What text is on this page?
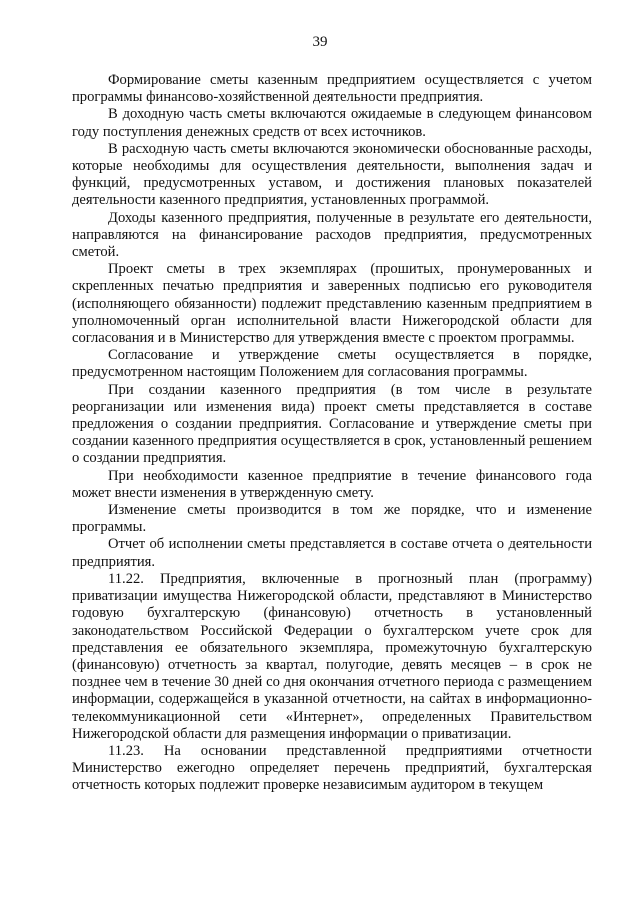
39

Формирование сметы казенным предприятием осуществляется с учетом программы финансово-хозяйственной деятельности предприятия.

В доходную часть сметы включаются ожидаемые в следующем финансовом году поступления денежных средств от всех источников.

В расходную часть сметы включаются экономически обоснованные расходы, которые необходимы для осуществления деятельности, выполнения задач и функций, предусмотренных уставом, и достижения плановых показателей деятельности казенного предприятия, установленных программой.

Доходы казенного предприятия, полученные в результате его деятельности, направляются на финансирование расходов предприятия, предусмотренных сметой.

Проект сметы в трех экземплярах (прошитых, пронумерованных и скрепленных печатью предприятия и заверенных подписью его руководителя (исполняющего обязанности) подлежит представлению казенным предприятием в уполномоченный орган исполнительной власти Нижегородской области для согласования и в Министерство для утверждения вместе с проектом программы.

Согласование и утверждение сметы осуществляется в порядке, предусмотренном настоящим Положением для согласования программы.

При создании казенного предприятия (в том числе в результате реорганизации или изменения вида) проект сметы представляется в составе предложения о создании предприятия. Согласование и утверждение сметы при создании казенного предприятия осуществляется в срок, установленный решением о создании предприятия.

При необходимости казенное предприятие в течение финансового года может внести изменения в утвержденную смету.

Изменение сметы производится в том же порядке, что и изменение программы.

Отчет об исполнении сметы представляется в составе отчета о деятельности предприятия.

11.22. Предприятия, включенные в прогнозный план (программу) приватизации имущества Нижегородской области, представляют в Министерство годовую бухгалтерскую (финансовую) отчетность в установленный законодательством Российской Федерации о бухгалтерском учете срок для представления ее обязательного экземпляра, промежуточную бухгалтерскую (финансовую) отчетность за квартал, полугодие, девять месяцев – в срок не позднее чем в течение 30 дней со дня окончания отчетного периода с размещением информации, содержащейся в указанной отчетности, на сайтах в информационно-телекоммуникационной сети «Интернет», определенных Правительством Нижегородской области для размещения информации о приватизации.

11.23. На основании представленной предприятиями отчетности Министерство ежегодно определяет перечень предприятий, бухгалтерская отчетность которых подлежит проверке независимым аудитором в текущем
